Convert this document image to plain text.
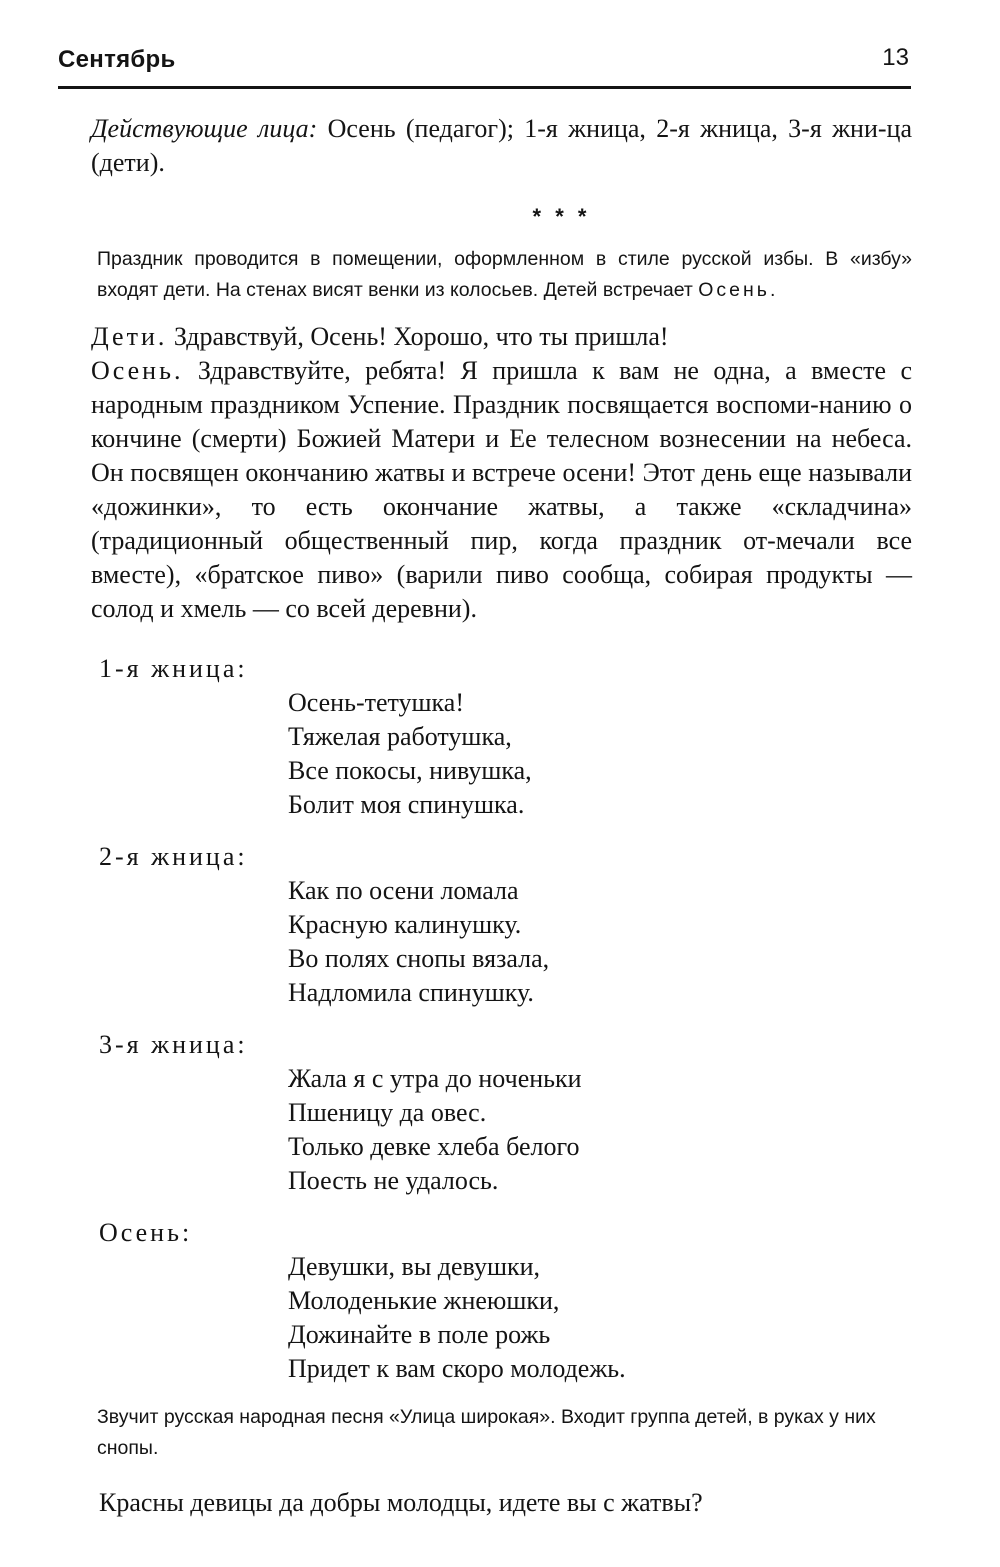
Сентябрь	13

Действующие лица: Осень (педагог); 1-я жница, 2-я жница, 3-я жни-ца (дети).

* * *

Праздник проводится в помещении, оформленном в стиле русской избы. В «избу» входят дети. На стенах висят венки из колосьев. Детей встречает Осень.

Дети. Здравствуй, Осень! Хорошо, что ты пришла!

Осень. Здравствуйте, ребята! Я пришла к вам не одна, а вместе с народным праздником Успение. Праздник посвящается воспоми-нанию о кончине (смерти) Божией Матери и Ее телесном вознесении на небеса. Он посвящен окончанию жатвы и встрече осени! Этот день еще называли «дожинки», то есть окончание жатвы, а также «складчина» (традиционный общественный пир, когда праздник от-мечали все вместе), «братское пиво» (варили пиво сообща, собирая продукты — солод и хмель — со всей деревни).

1-я жница:

Осень-тетушка!
Тяжелая работушка,
Все покосы, нивушка,
Болит моя спинушка.

2-я жница:

Как по осени ломала
Красную калинушку.
Во полях снопы вязала,
Надломила спинушку.

3-я жница:

Жала я с утра до ноченьки
Пшеницу да овес.
Только девке хлеба белого
Поесть не удалось.

Осень:

Девушки, вы девушки,
Молоденькие жнеюшки,
Дожинайте в поле рожь
Придет к вам скоро молодежь.

Звучит русская народная песня «Улица широкая». Входит группа детей, в руках у них снопы.

Красны девицы да добры молодцы, идете вы с жатвы?
